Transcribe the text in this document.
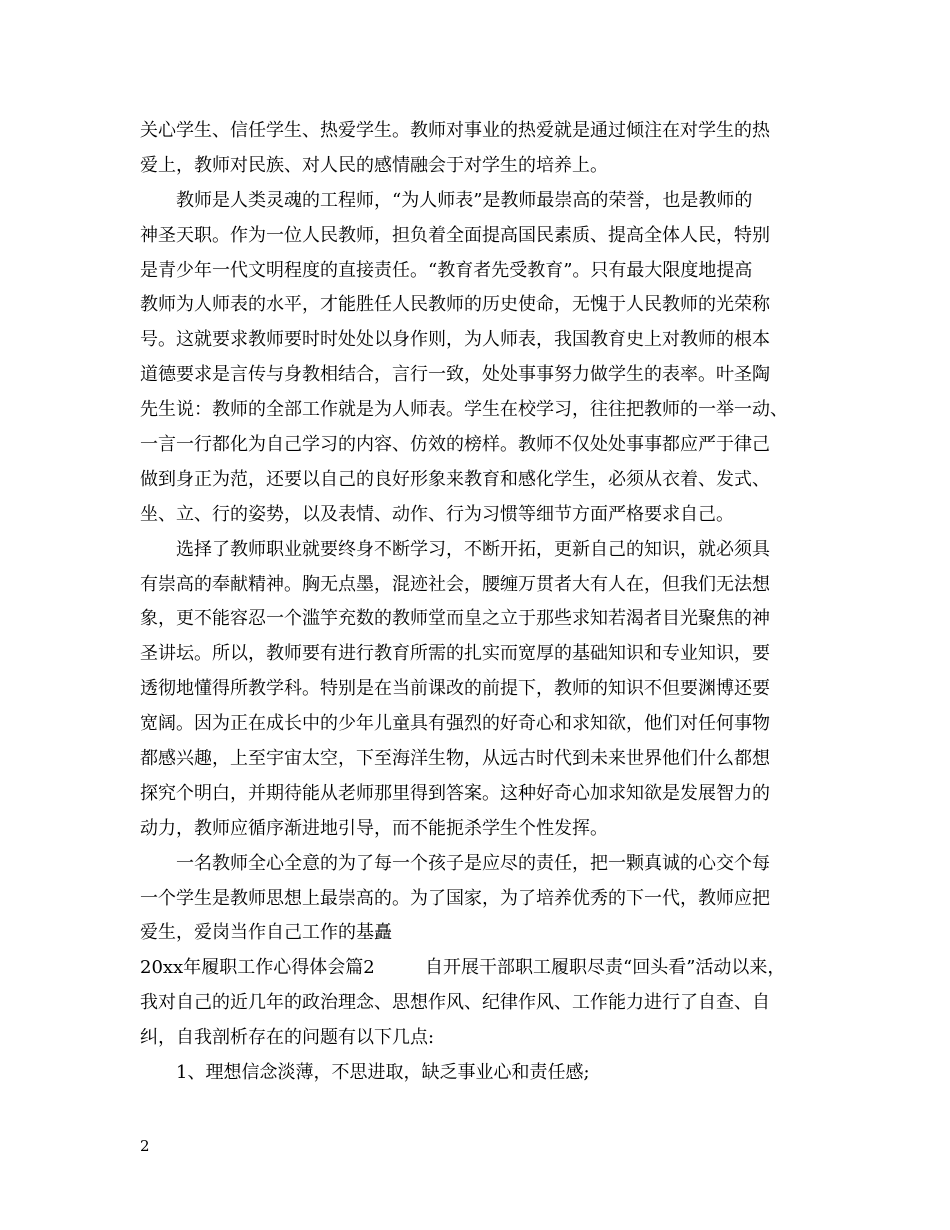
关心学生、信任学生、热爱学生。教师对事业的热爱就是通过倾注在对学生的热
爱上，教师对民族、对人民的感情融会于对学生的培养上。
教师是人类灵魂的工程师，“为人师表”是教师最崇高的荣誉，也是教师的
神圣天职。作为一位人民教师，担负着全面提高国民素质、提高全体人民，特别
是青少年一代文明程度的直接责任。“教育者先受教育”。只有最大限度地提高
教师为人师表的水平，才能胜任人民教师的历史使命，无愧于人民教师的光荣称
号。这就要求教师要时时处处以身作则，为人师表，我国教育史上对教师的根本
道德要求是言传与身教相结合，言行一致，处处事事努力做学生的表率。叶圣陶
先生说：教师的全部工作就是为人师表。学生在校学习，往往把教师的一举一动、
一言一行都化为自己学习的内容、仿效的榜样。教师不仅处处事事都应严于律己
做到身正为范，还要以自己的良好形象来教育和感化学生，必须从衣着、发式、
坐、立、行的姿势，以及表情、动作、行为习惯等细节方面严格要求自己。
选择了教师职业就要终身不断学习，不断开拓，更新自己的知识，就必须具
有崇高的奉献精神。胸无点墨，混迹社会，腰缠万贯者大有人在，但我们无法想
象，更不能容忍一个滥竽充数的教师堂而皇之立于那些求知若渴者目光聚焦的神
圣讲坛。所以，教师要有进行教育所需的扎实而宽厚的基础知识和专业知识，要
透彻地懂得所教学科。特别是在当前课改的前提下，教师的知识不但要渊博还要
宽阔。因为正在成长中的少年儿童具有强烈的好奇心和求知欲，他们对任何事物
都感兴趣，上至宇宙太空，下至海洋生物，从远古时代到未来世界他们什么都想
探究个明白，并期待能从老师那里得到答案。这种好奇心加求知欲是发展智力的
动力，教师应循序渐进地引导，而不能扼杀学生个性发挥。
一名教师全心全意的为了每一个孩子是应尽的责任，把一颗真诚的心交个每
一个学生是教师思想上最崇高的。为了国家，为了培养优秀的下一代，教师应把
爱生，爱岗当作自己工作的基矗
20xx年履职工作心得体会篇2	自开展干部职工履职尽责“回头看”活动以来，
我对自己的近几年的政治理念、思想作风、纪律作风、工作能力进行了自查、自
纠，自我剖析存在的问题有以下几点:
1、理想信念淡薄，不思进取，缺乏事业心和责任感;
2
